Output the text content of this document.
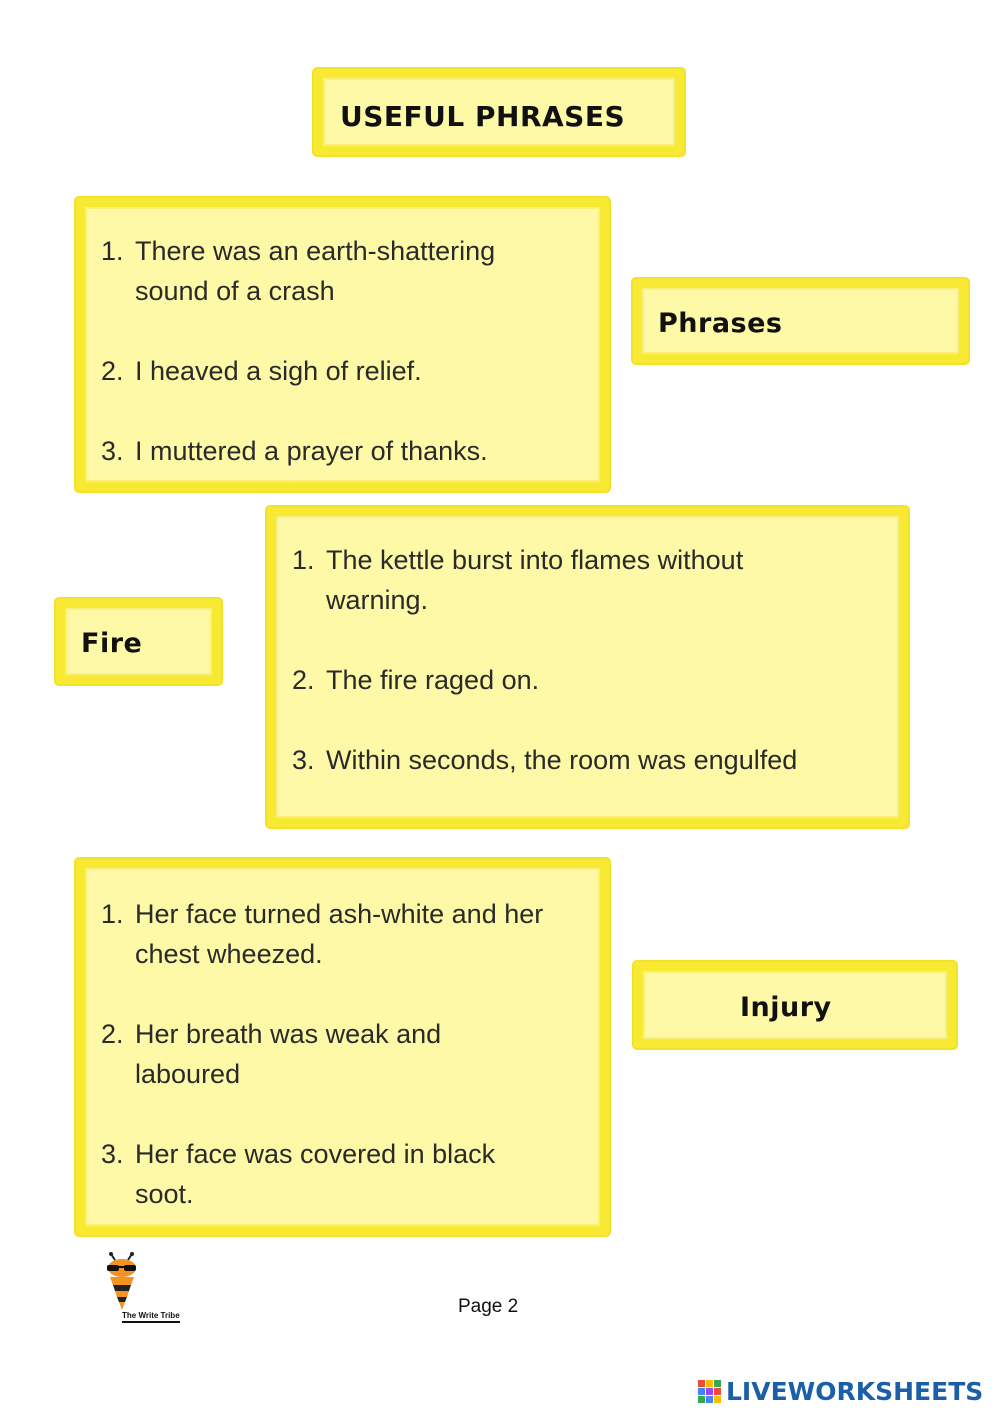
USEFUL PHRASES
1. There was an earth-shattering sound of a crash
2. I heaved a sigh of relief.
3. I muttered a prayer of thanks.
Phrases
Fire
1. The kettle burst into flames without warning.
2. The fire raged on.
3. Within seconds, the room was engulfed
1. Her face turned ash-white and her chest wheezed.
2. Her breath was weak and laboured
3. Her face was covered in black soot.
Injury
The Write Tribe	Page 2
LIVEWORKSHEETS
